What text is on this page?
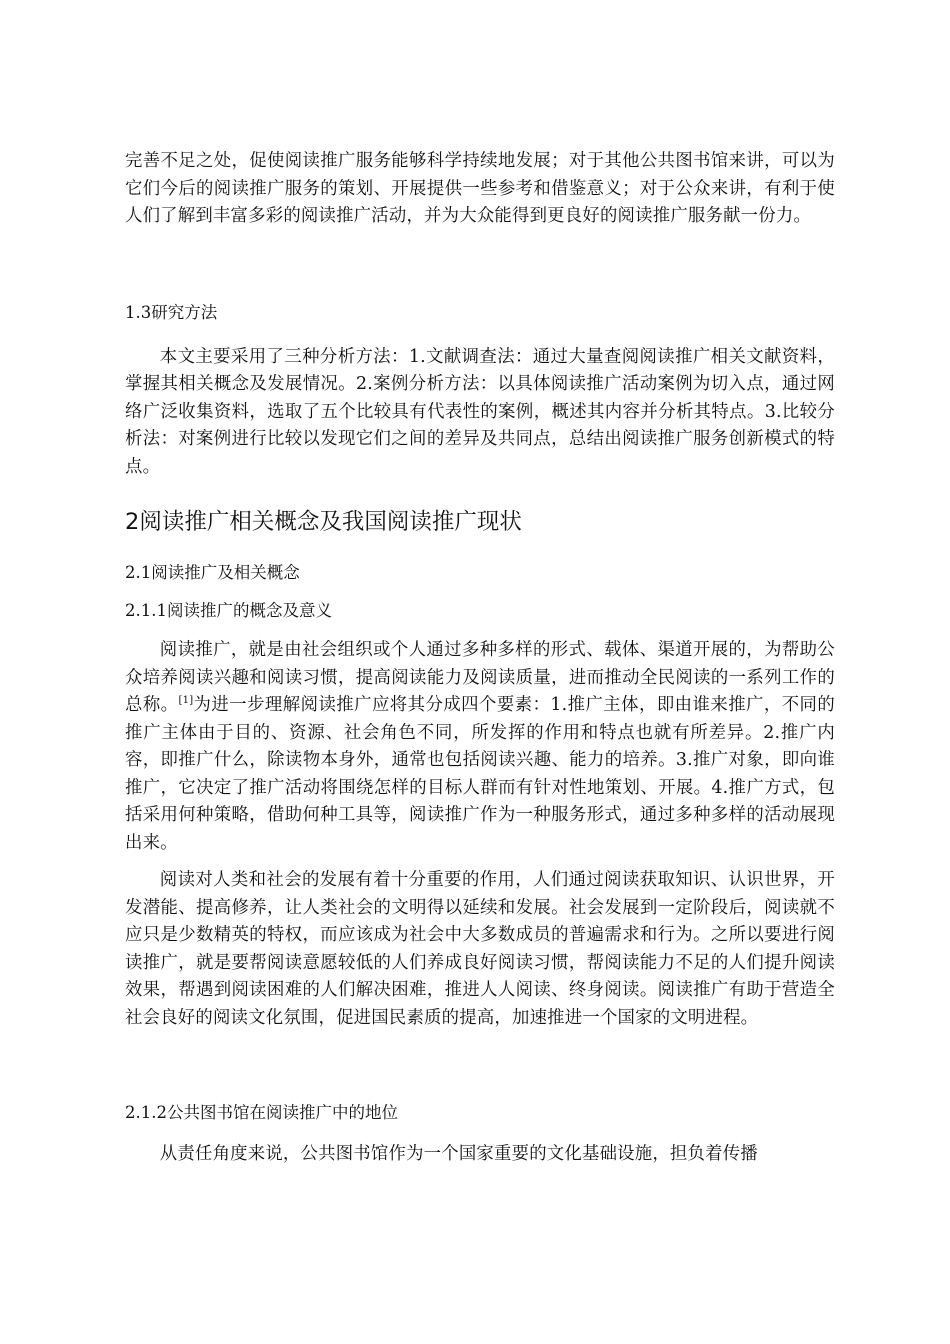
完善不足之处，促使阅读推广服务能够科学持续地发展；对于其他公共图书馆来讲，可以为它们今后的阅读推广服务的策划、开展提供一些参考和借鉴意义；对于公众来讲，有利于使人们了解到丰富多彩的阅读推广活动，并为大众能得到更良好的阅读推广服务献一份力。

1.3研究方法

本文主要采用了三种分析方法：1.文献调查法：通过大量查阅阅读推广相关文献资料，掌握其相关概念及发展情况。2.案例分析方法：以具体阅读推广活动案例为切入点，通过网络广泛收集资料，选取了五个比较具有代表性的案例，概述其内容并分析其特点。3.比较分析法：对案例进行比较以发现它们之间的差异及共同点，总结出阅读推广服务创新模式的特点。

2阅读推广相关概念及我国阅读推广现状

2.1阅读推广及相关概念

2.1.1阅读推广的概念及意义

阅读推广，就是由社会组织或个人通过多种多样的形式、载体、渠道开展的，为帮助公众培养阅读兴趣和阅读习惯，提高阅读能力及阅读质量，进而推动全民阅读的一系列工作的总称。[1]为进一步理解阅读推广应将其分成四个要素：1.推广主体，即由谁来推广，不同的推广主体由于目的、资源、社会角色不同，所发挥的作用和特点也就有所差异。2.推广内容，即推广什么，除读物本身外，通常也包括阅读兴趣、能力的培养。3.推广对象，即向谁推广，它决定了推广活动将围绕怎样的目标人群而有针对性地策划、开展。4.推广方式，包括采用何种策略，借助何种工具等，阅读推广作为一种服务形式，通过多种多样的活动展现出来。

阅读对人类和社会的发展有着十分重要的作用，人们通过阅读获取知识、认识世界，开发潜能、提高修养，让人类社会的文明得以延续和发展。社会发展到一定阶段后，阅读就不应只是少数精英的特权，而应该成为社会中大多数成员的普遍需求和行为。之所以要进行阅读推广，就是要帮阅读意愿较低的人们养成良好阅读习惯，帮阅读能力不足的人们提升阅读效果，帮遇到阅读困难的人们解决困难，推进人人阅读、终身阅读。阅读推广有助于营造全社会良好的阅读文化氛围，促进国民素质的提高，加速推进一个国家的文明进程。

2.1.2公共图书馆在阅读推广中的地位

从责任角度来说，公共图书馆作为一个国家重要的文化基础设施，担负着传播
